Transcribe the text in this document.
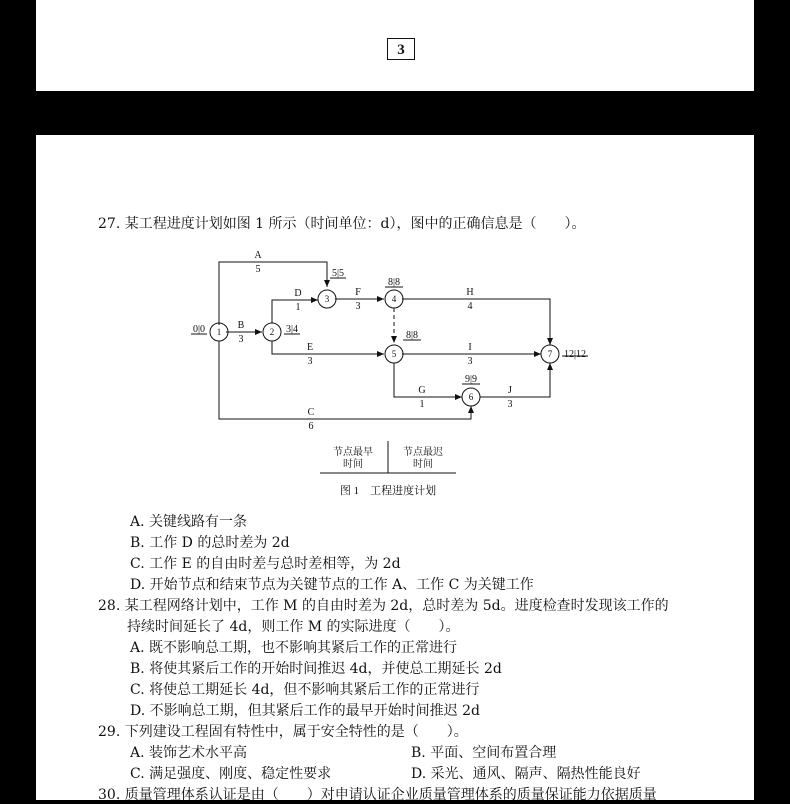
3
27. 某工程进度计划如图 1 所示（时间单位：d），图中的正确信息是（　　）。
1	2
3	4
5
6
7
0|0	3|4
5|5
8|8
8|8
9|9
12|12
A
5
B
3
D
1
E
3
F
3
H
4
I
3
G
1
J
3
C
6
节点最早
时间
节点最迟
时间
图 1　工程进度计划
A. 关键线路有一条
B. 工作 D 的总时差为 2d
C. 工作 E 的自由时差与总时差相等，为 2d
D. 开始节点和结束节点为关键节点的工作 A、工作 C 为关键工作
28. 某工程网络计划中，工作 M 的自由时差为 2d，总时差为 5d。进度检查时发现该工作的
持续时间延长了 4d，则工作 M 的实际进度（　　）。
A. 既不影响总工期，也不影响其紧后工作的正常进行
B. 将使其紧后工作的开始时间推迟 4d，并使总工期延长 2d
C. 将使总工期延长 4d，但不影响其紧后工作的正常进行
D. 不影响总工期，但其紧后工作的最早开始时间推迟 2d
29. 下列建设工程固有特性中，属于安全特性的是（　　）。
A. 装饰艺术水平高	B. 平面、空间布置合理
C. 满足强度、刚度、稳定性要求	D. 采光、通风、隔声、隔热性能良好
30. 质量管理体系认证是由（　　）对申请认证企业质量管理体系的质量保证能力依据质量
